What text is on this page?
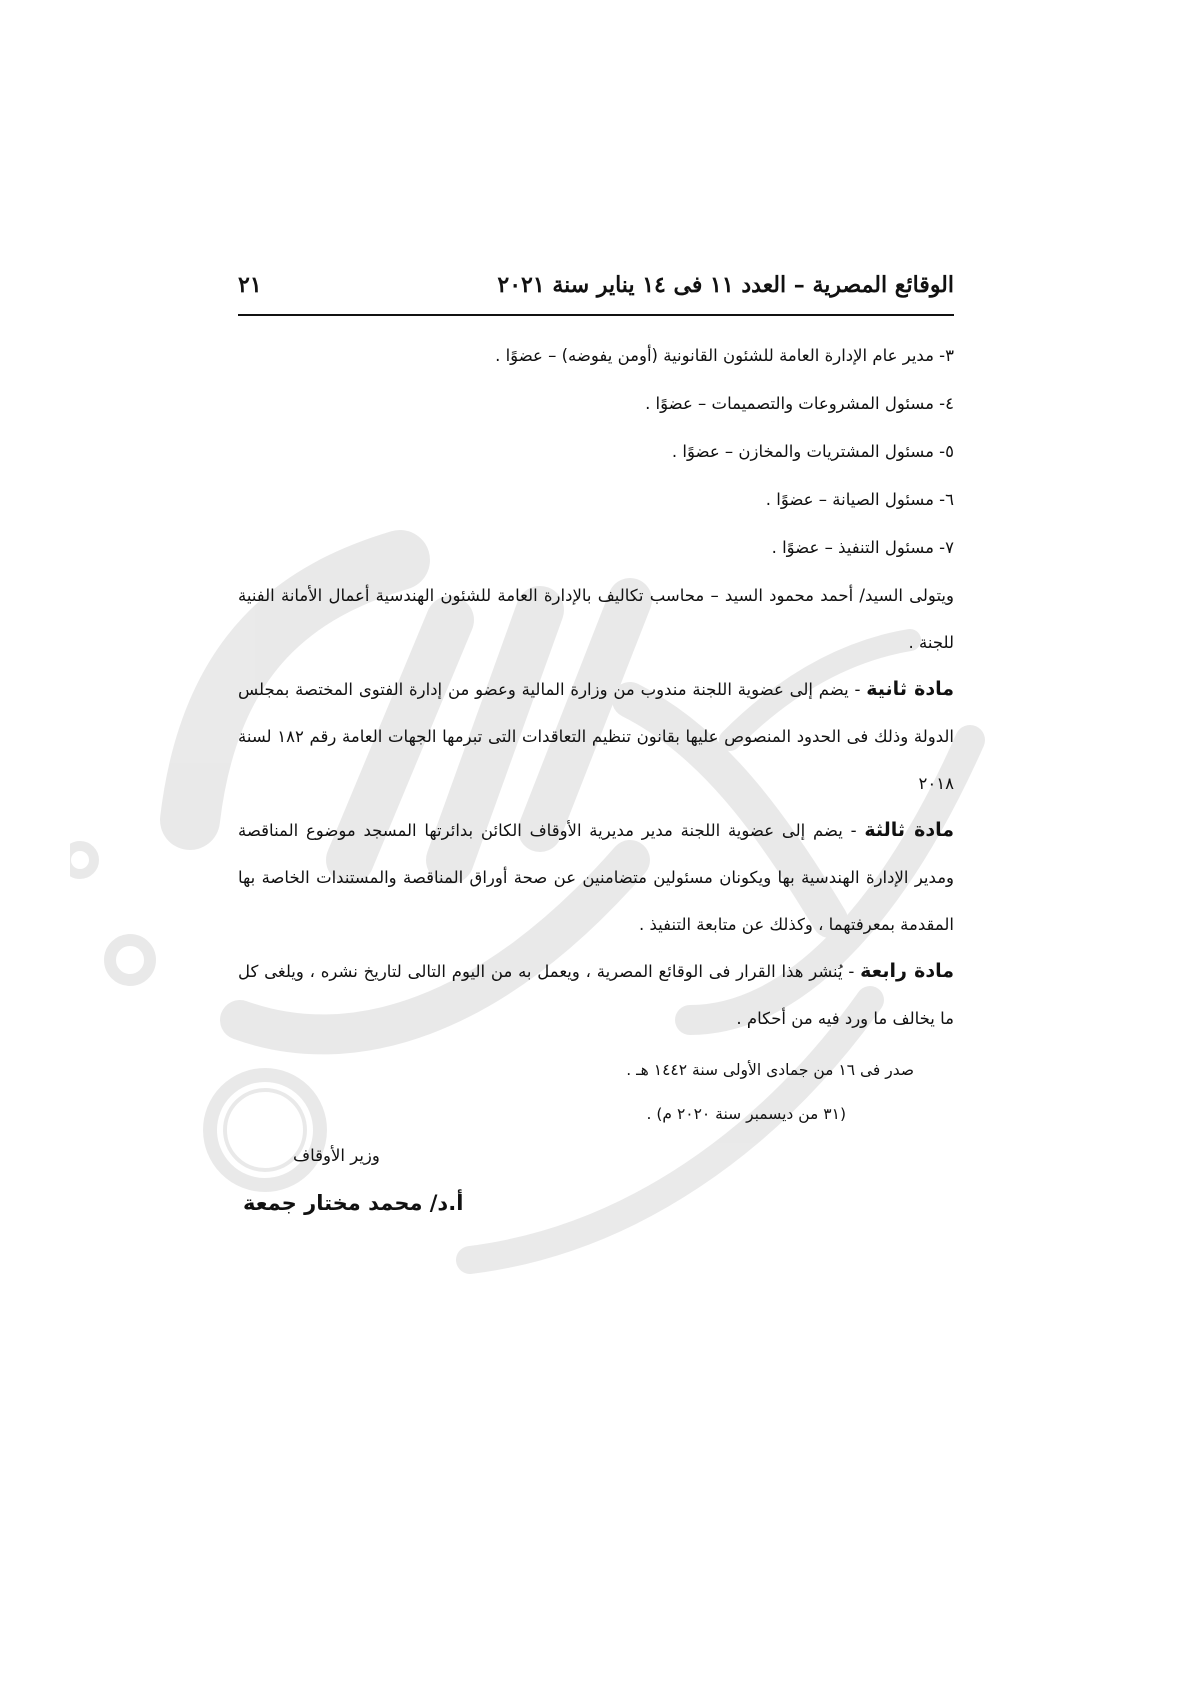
الوقائع المصرية – العدد ١١ فى ١٤ يناير سنة ٢٠٢١
٢١
٣- مدير عام الإدارة العامة للشئون القانونية (أومن يفوضه) – عضوًا .
٤- مسئول المشروعات والتصميمات – عضوًا .
٥- مسئول المشتريات والمخازن – عضوًا .
٦- مسئول الصيانة – عضوًا .
٧- مسئول التنفيذ – عضوًا .

ويتولى السيد/ أحمد محمود السيد – محاسب تكاليف بالإدارة العامة للشئون الهندسية أعمال الأمانة الفنية للجنة .

مادة ثانية - يضم إلى عضوية اللجنة مندوب من وزارة المالية وعضو من إدارة الفتوى المختصة بمجلس الدولة وذلك فى الحدود المنصوص عليها بقانون تنظيم التعاقدات التى تبرمها الجهات العامة رقم ١٨٢ لسنة ٢٠١٨

مادة ثالثة - يضم إلى عضوية اللجنة مدير مديرية الأوقاف الكائن بدائرتها المسجد موضوع المناقصة ومدير الإدارة الهندسية بها ويكونان مسئولين متضامنين عن صحة أوراق المناقصة والمستندات الخاصة بها المقدمة بمعرفتهما ، وكذلك عن متابعة التنفيذ .

مادة رابعة - يُنشر هذا القرار فى الوقائع المصرية ، ويعمل به من اليوم التالى لتاريخ نشره ، ويلغى كل ما يخالف ما ورد فيه من أحكام .

صدر فى ١٦ من جمادى الأولى سنة ١٤٤٢ هـ .
(٣١ من ديسمبر سنة ٢٠٢٠ م) .
وزير الأوقاف
أ.د/ محمد مختار جمعة
